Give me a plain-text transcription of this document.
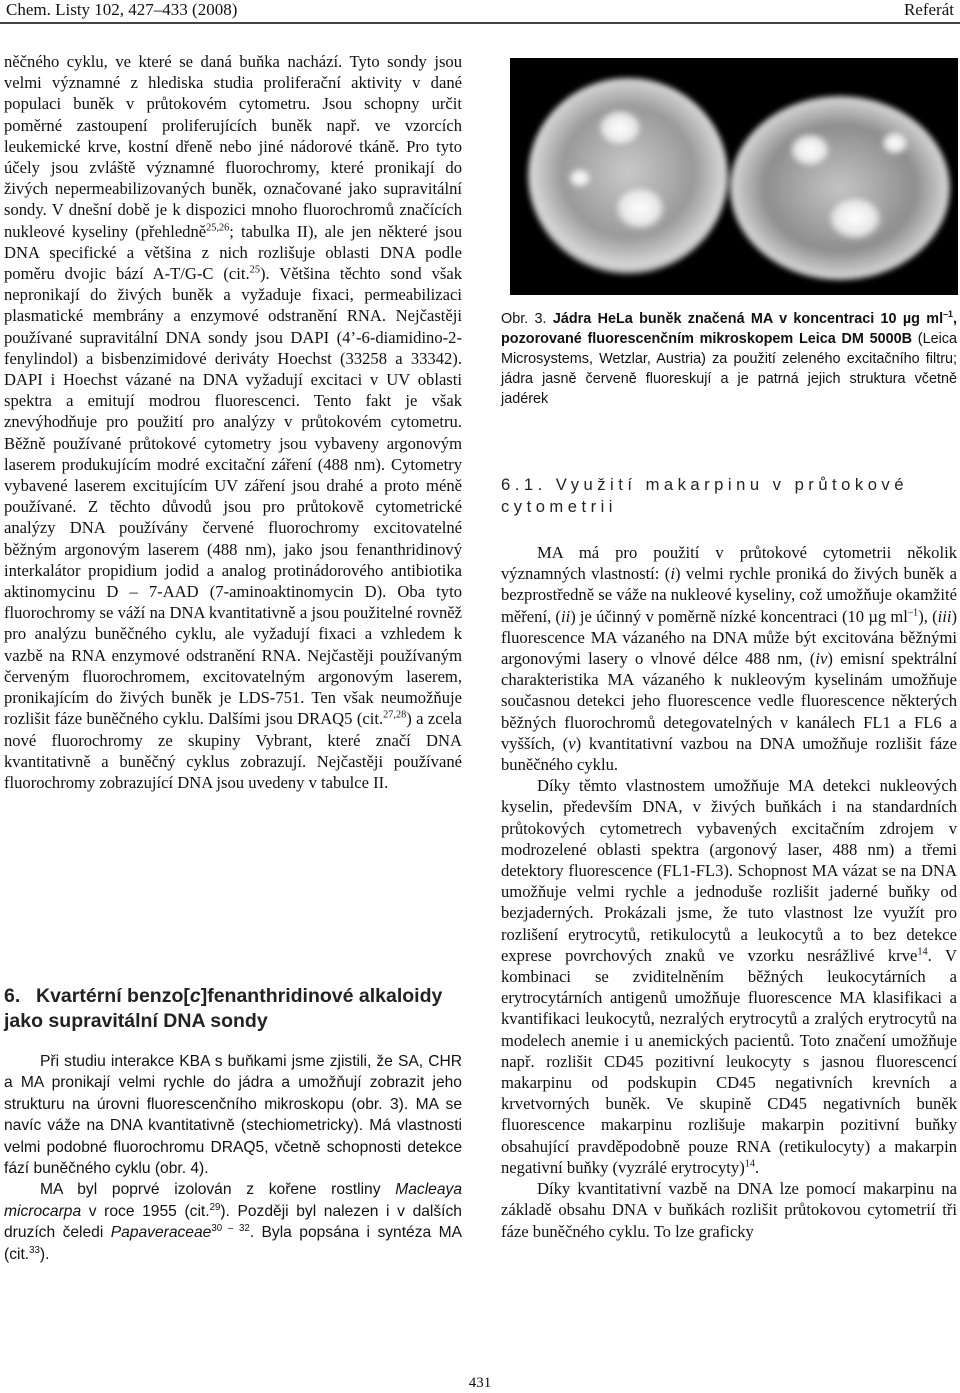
Chem. Listy 102, 427–433 (2008)	Referát

něčného cyklu, ve které se daná buňka nachází. Tyto sondy jsou velmi významné z hlediska studia proliferační aktivity v dané populaci buněk v průtokovém cytometru. Jsou schopny určit poměrné zastoupení proliferujících buněk např. ve vzorcích leukemické krve, kostní dřeně nebo jiné nádorové tkáně. Pro tyto účely jsou zvláště významné fluorochromy, které pronikají do živých nepermeabilizovaných buněk, označované jako supravitální sondy. V dnešní době je k dispozici mnoho fluorochromů značících nukleové kyseliny (přehledně$^{25,26}$; tabulka II), ale jen některé jsou DNA specifické a většina z nich rozlišuje oblasti DNA podle poměru dvojic bází A-T/G-C (cit.$^{25}$). Většina těchto sond však nepronikají do živých buněk a vyžaduje fixaci, permeabilizaci plasmatické membrány a enzymové odstranění RNA. Nejčastěji používané supravitální DNA sondy jsou DAPI (4’-6-diamidino-2-fenylindol) a bisbenzimidové deriváty Hoechst (33258 a 33342). DAPI i Hoechst vázané na DNA vyžadují excitaci v UV oblasti spektra a emitují modrou fluorescenci. Tento fakt je však znevýhodňuje pro použití pro analýzy v průtokovém cytometru. Běžně používané průtokové cytometry jsou vybaveny argonovým laserem produkujícím modré excitační záření (488 nm). Cytometry vybavené laserem excitujícím UV záření jsou drahé a proto méně používané. Z těchto důvodů jsou pro průtokově cytometrické analýzy DNA používány červené fluorochromy excitovatelné běžným argonovým laserem (488 nm), jako jsou fenanthridinový interkalátor propidium jodid a analog protinádorového antibiotika aktinomycinu D – 7-AAD (7-aminoaktinomycin D). Oba tyto fluorochromy se váží na DNA kvantitativně a jsou použitelné rovněž pro analýzu buněčného cyklu, ale vyžadují fixaci a vzhledem k vazbě na RNA enzymové odstranění RNA. Nejčastěji používaným červeným fluorochromem, excitovatelným argonovým laserem, pronikajícím do živých buněk je LDS-751. Ten však neumožňuje rozlišit fáze buněčného cyklu. Dalšími jsou DRAQ5 (cit.$^{27,28}$) a zcela nové fluorochromy ze skupiny Vybrant, které značí DNA kvantitativně a buněčný cyklus zobrazují. Nejčastěji používané fluorochromy zobrazující DNA jsou uvedeny v tabulce II.

6. Kvartérní benzo[c]fenanthridinové alkaloidy jako supravitální DNA sondy

Při studiu interakce KBA s buňkami jsme zjistili, že SA, CHR a MA pronikají velmi rychle do jádra a umožňují zobrazit jeho strukturu na úrovni fluorescenčního mikroskopu (obr. 3). MA se navíc váže na DNA kvantitativně (stechiometricky). Má vlastnosti velmi podobné fluorochromu DRAQ5, včetně schopnosti detekce fází buněčného cyklu (obr. 4).

MA byl poprvé izolován z kořene rostliny Macleaya microcarpa v roce 1955 (cit.$^{29}$). Později byl nalezen i v dalších druzích čeledi Papaveraceae$^{30 - 32}$. Byla popsána i syntéza MA (cit.$^{33}$).

Obr. 3. Jádra HeLa buněk značená MA v koncentraci 10 µg $ml^{-1}$, pozorované fluorescenčním mikroskopem Leica DM 5000B (Leica Microsystems, Wetzlar, Austria) za použití zeleného excitačního filtru; jádra jasně červeně fluoreskují a je patrná jejich struktura včetně jadérek
6.1. Využití makarpinu v průtokové cytometrii

MA má pro použití v průtokové cytometrii několik významných vlastností: (i) velmi rychle proniká do živých buněk a bezprostředně se váže na nukleové kyseliny, což umožňuje okamžité měření, (ii) je účinný v poměrně nízké koncentraci (10 µg $ml^{-1}$), (iii) fluorescence MA vázaného na DNA může být excitována běžnými argonovými lasery o vlnové délce 488 nm, (iv) emisní spektrální charakteristika MA vázaného k nukleovým kyselinám umožňuje současnou detekci jeho fluorescence vedle fluorescence některých běžných fluorochromů detegovatelných v kanálech FL1 a FL6 a vyšších, (v) kvantitativní vazbou na DNA umožňuje rozlišit fáze buněčného cyklu.

Díky těmto vlastnostem umožňuje MA detekci nukleových kyselin, především DNA, v živých buňkách i na standardních průtokových cytometrech vybavených excitačním zdrojem v modrozelené oblasti spektra (argonový laser, 488 nm) a třemi detektory fluorescence (FL1-FL3). Schopnost MA vázat se na DNA umožňuje velmi rychle a jednoduše rozlišit jaderné buňky od bezjaderných. Prokázali jsme, že tuto vlastnost lze využít pro rozlišení erytrocytů, retikulocytů a leukocytů a to bez detekce exprese povrchových znaků ve vzorku nesrážlivé krve$^{14}$. V kombinaci se zviditelněním běžných leukocytárních a erytrocytárních antigenů umožňuje fluorescence MA klasifikaci a kvantifikaci leukocytů, nezralých erytrocytů a zralých erytrocytů na modelech anemie i u anemických pacientů. Toto značení umožňuje např. rozlišit CD45 pozitivní leukocyty s jasnou fluorescencí makarpinu od podskupin CD45 negativních krevních a krvetvorných buněk. Ve skupině CD45 negativních buněk fluorescence makarpinu rozlišuje makarpin pozitivní buňky obsahující pravděpodobně pouze RNA (retikulocyty) a makarpin negativní buňky (vyzrálé erytrocyty)$^{14}$.

Díky kvantitativní vazbě na DNA lze pomocí makarpinu na základě obsahu DNA v buňkách rozlišit průtokovou cytometrií tři fáze buněčného cyklu. To lze graficky

431
